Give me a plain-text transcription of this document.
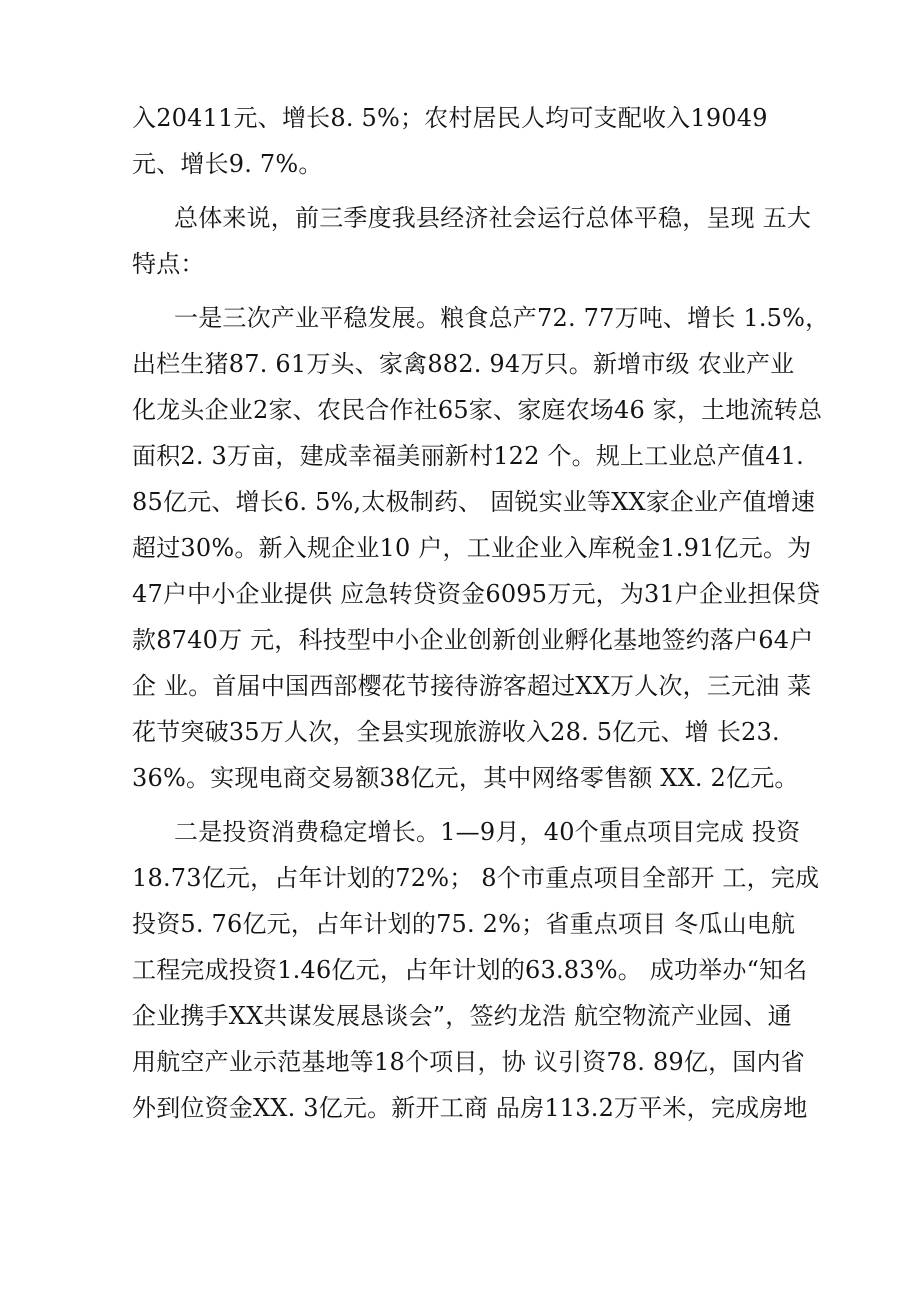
入20411元、增长8. 5%；农村居民人均可支配收入19049
元、增长9. 7%。
总体来说，前三季度我县经济社会运行总体平稳，呈现 五大
特点：
一是三次产业平稳发展。粮食总产72. 77万吨、增长 1.5%，
出栏生猪87. 61万头、家禽882. 94万只。新增市级 农业产业
化龙头企业2家、农民合作社65家、家庭农场46 家，土地流转总
面积2. 3万亩，建成幸福美丽新村122 个。规上工业总产值41.
85亿元、增长6. 5%,太极制药、 固锐实业等XX家企业产值增速
超过30%。新入规企业10 户，工业企业入库税金1.91亿元。为
47户中小企业提供 应急转贷资金6095万元，为31户企业担保贷
款8740万 元，科技型中小企业创新创业孵化基地签约落户64户
企 业。首届中国西部樱花节接待游客超过XX万人次，三元油 菜
花节突破35万人次，全县实现旅游收入28. 5亿元、增 长23.
36%。实现电商交易额38亿元，其中网络零售额 XX. 2亿元。
二是投资消费稳定增长。1—9月，40个重点项目完成 投资
18.73亿元，占年计划的72%； 8个市重点项目全部开 工，完成
投资5. 76亿元，占年计划的75. 2%；省重点项目 冬瓜山电航
工程完成投资1.46亿元，占年计划的63.83%。 成功举办“知名
企业携手XX共谋发展恳谈会”，签约龙浩 航空物流产业园、通
用航空产业示范基地等18个项目，协 议引资78. 89亿，国内省
外到位资金XX. 3亿元。新开工商 品房113.2万平米，完成房地
